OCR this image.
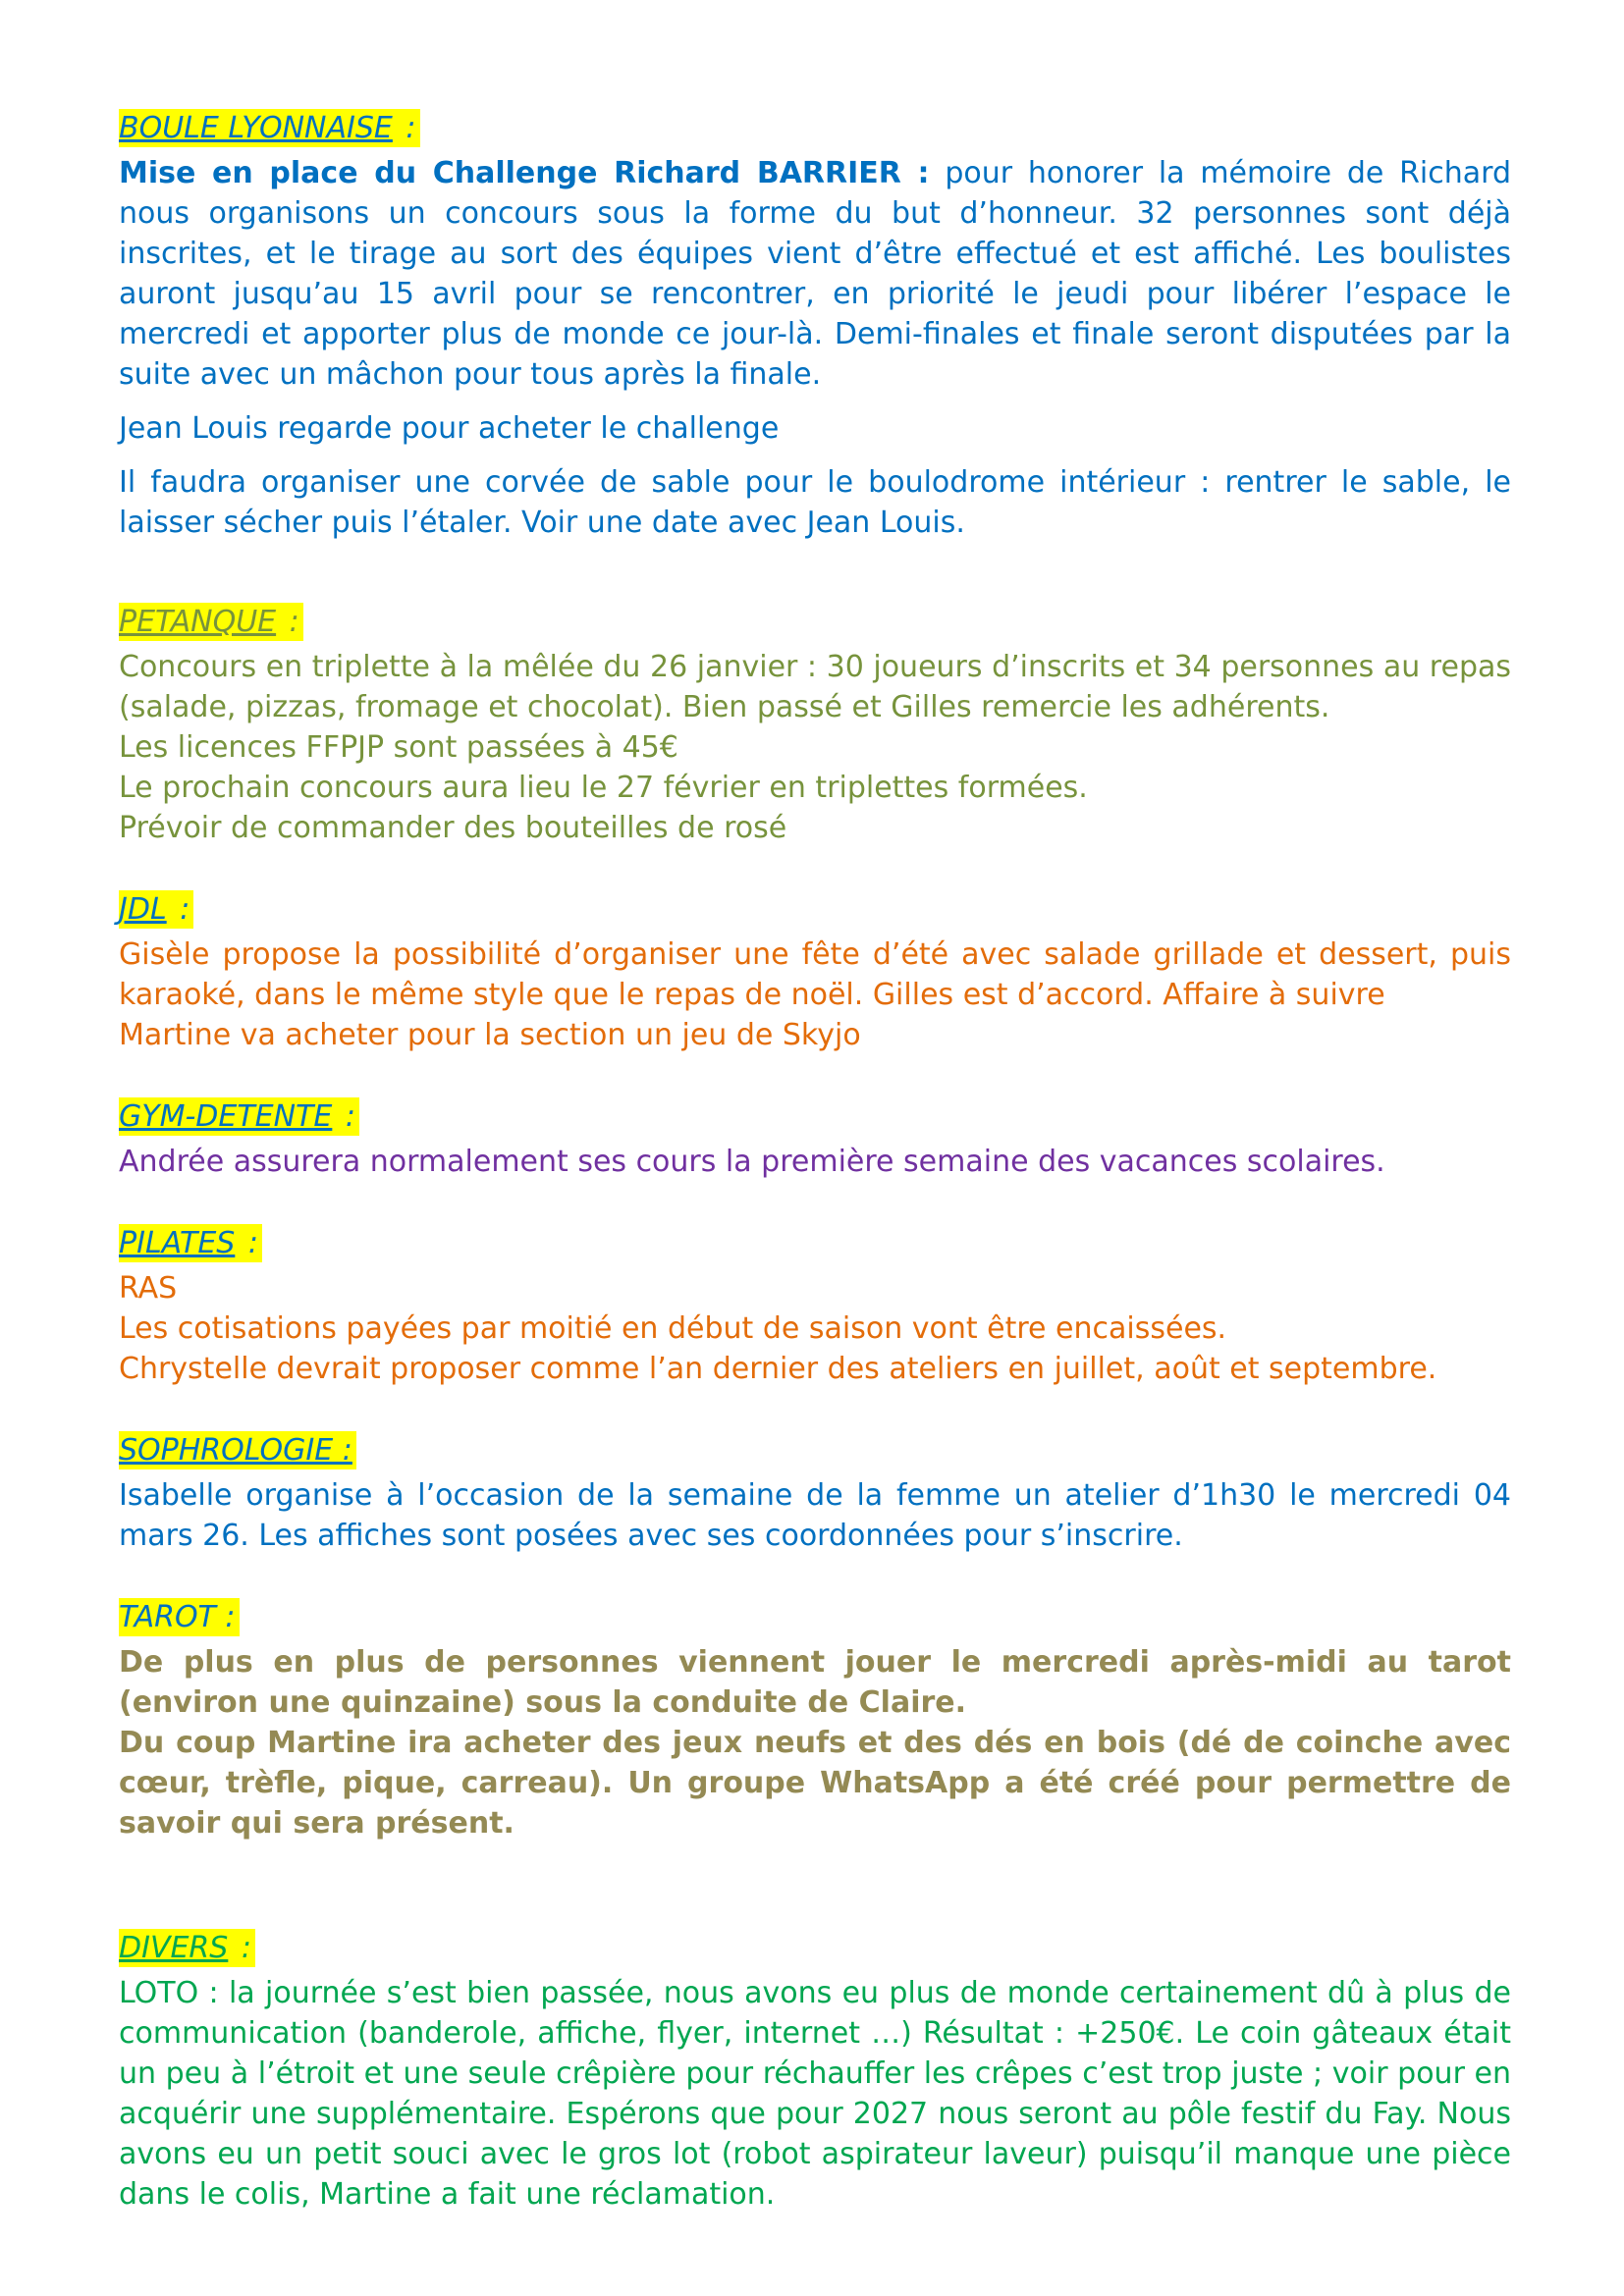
BOULE LYONNAISE :

Mise en place du Challenge Richard BARRIER : pour honorer la mémoire de Richard nous organisons un concours sous la forme du but d’honneur. 32 personnes sont déjà inscrites, et le tirage au sort des équipes vient d’être effectué et est affiché. Les boulistes auront jusqu’au 15 avril pour se rencontrer, en priorité le jeudi pour libérer l’espace le mercredi et apporter plus de monde ce jour-là. Demi-finales et finale seront disputées par la suite avec un mâchon pour tous après la finale.

Jean Louis regarde pour acheter le challenge

Il faudra organiser une corvée de sable pour le boulodrome intérieur : rentrer le sable, le laisser sécher puis l’étaler. Voir une date avec Jean Louis.

PETANQUE :

Concours en triplette à la mêlée du 26 janvier : 30 joueurs d’inscrits et 34 personnes au repas (salade, pizzas, fromage et chocolat). Bien passé et Gilles remercie les adhérents.

Les licences FFPJP sont passées à 45€

Le prochain concours aura lieu le 27 février en triplettes formées.

Prévoir de commander des bouteilles de rosé

JDL :

Gisèle propose la possibilité d’organiser une fête d’été avec salade grillade et dessert, puis karaoké, dans le même style que le repas de noël. Gilles est d’accord. Affaire à suivre

Martine va acheter pour la section un jeu de Skyjo

GYM-DETENTE :

Andrée assurera normalement ses cours la première semaine des vacances scolaires.

PILATES :

RAS

Les cotisations payées par moitié en début de saison vont être encaissées.

Chrystelle devrait proposer comme l’an dernier des ateliers en juillet, août et septembre.

SOPHROLOGIE :

Isabelle organise à l’occasion de la semaine de la femme un atelier d’1h30 le mercredi 04 mars 26. Les affiches sont posées avec ses coordonnées pour s’inscrire.

TAROT :

De plus en plus de personnes viennent jouer le mercredi après-midi au tarot (environ une quinzaine) sous la conduite de Claire.

Du coup Martine ira acheter des jeux neufs et des dés en bois (dé de coinche avec cœur, trèfle, pique, carreau). Un groupe WhatsApp a été créé pour permettre de savoir qui sera présent.

DIVERS :

LOTO : la journée s’est bien passée, nous avons eu plus de monde certainement dû à plus de communication (banderole, affiche, flyer, internet …) Résultat : +250€. Le coin gâteaux était un peu à l’étroit et une seule crêpière pour réchauffer les crêpes c’est trop juste ; voir pour en acquérir une supplémentaire. Espérons que pour 2027 nous seront au pôle festif du Fay. Nous avons eu un petit souci avec le gros lot (robot aspirateur laveur) puisqu’il manque une pièce dans le colis, Martine a fait une réclamation.
